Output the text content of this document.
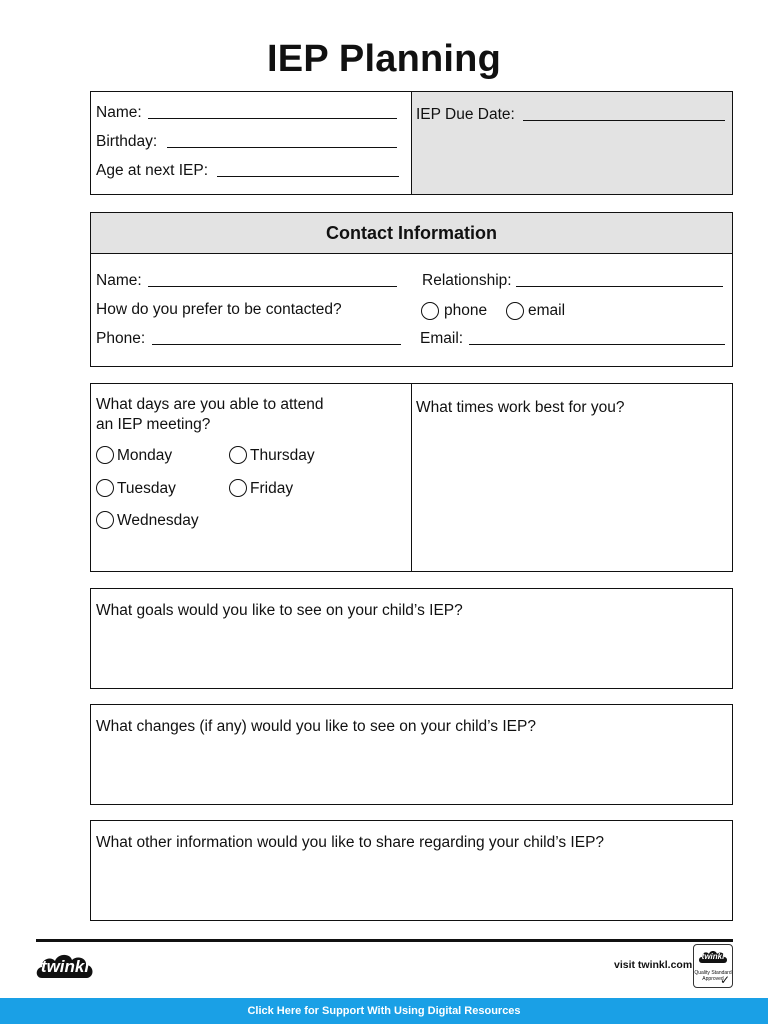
IEP Planning
Name:
Birthday:
Age at next IEP:
IEP Due Date:
Contact Information
Name:	Relationship:
How do you prefer to be contacted?	phone	email
Phone:	Email:
What days are you able to attend
an IEP meeting?
Monday	Thursday
Tuesday	Friday
Wednesday
What times work best for you?
What goals would you like to see on your child’s IEP?
What changes (if any) would you like to see on your child’s IEP?
What other information would you like to share regarding your child’s IEP?
twinkl	visit twinkl.com
twinkl
Quality Standard
Approved
✓
Click Here for Support With Using Digital Resources
